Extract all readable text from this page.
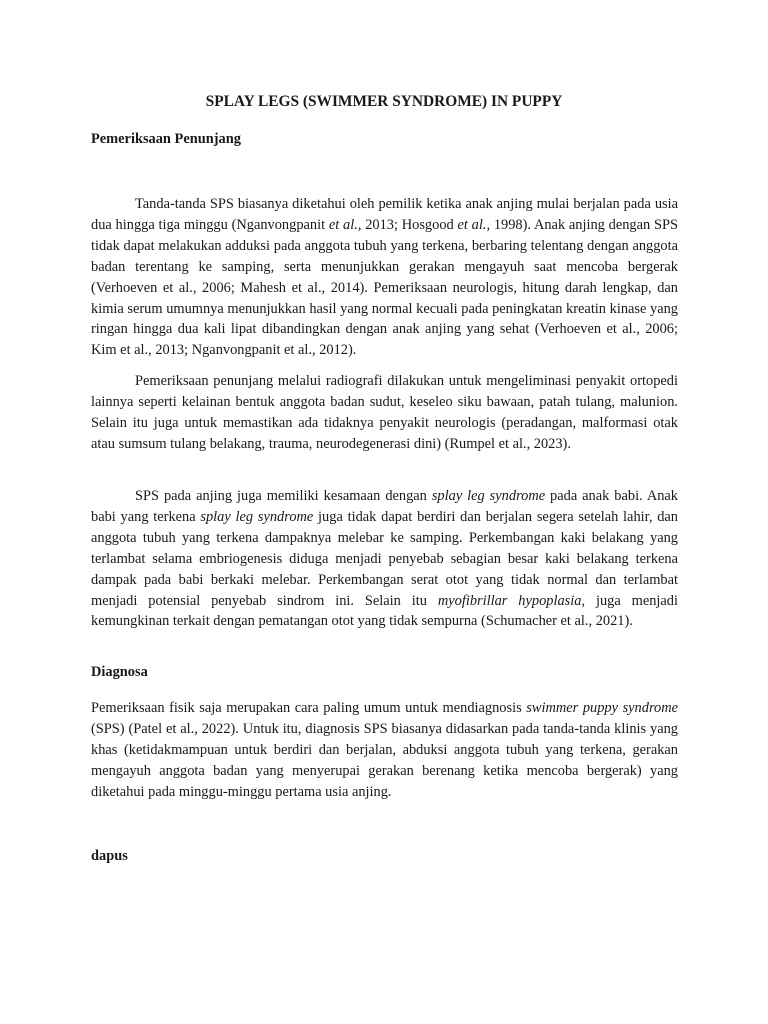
SPLAY LEGS (SWIMMER SYNDROME) IN PUPPY
Pemeriksaan Penunjang

Tanda-tanda SPS biasanya diketahui oleh pemilik ketika anak anjing mulai berjalan pada usia dua hingga tiga minggu (Nganvongpanit et al., 2013; Hosgood et al., 1998). Anak anjing dengan SPS tidak dapat melakukan adduksi pada anggota tubuh yang terkena, berbaring telentang dengan anggota badan terentang ke samping, serta menunjukkan gerakan mengayuh saat mencoba bergerak (Verhoeven et al., 2006; Mahesh et al., 2014). Pemeriksaan neurologis, hitung darah lengkap, dan kimia serum umumnya menunjukkan hasil yang normal kecuali pada peningkatan kreatin kinase yang ringan hingga dua kali lipat dibandingkan dengan anak anjing yang sehat (Verhoeven et al., 2006; Kim et al., 2013; Nganvongpanit et al., 2012).

Pemeriksaan penunjang melalui radiografi dilakukan untuk mengeliminasi penyakit ortopedi lainnya seperti kelainan bentuk anggota badan sudut, keseleo siku bawaan, patah tulang, malunion. Selain itu juga untuk memastikan ada tidaknya penyakit neurologis (peradangan, malformasi otak atau sumsum tulang belakang, trauma, neurodegenerasi dini) (Rumpel et al., 2023).

SPS pada anjing juga memiliki kesamaan dengan splay leg syndrome pada anak babi. Anak babi yang terkena splay leg syndrome juga tidak dapat berdiri dan berjalan segera setelah lahir, dan anggota tubuh yang terkena dampaknya melebar ke samping. Perkembangan kaki belakang yang terlambat selama embriogenesis diduga menjadi penyebab sebagian besar kaki belakang terkena dampak pada babi berkaki melebar. Perkembangan serat otot yang tidak normal dan terlambat menjadi potensial penyebab sindrom ini. Selain itu myofibrillar hypoplasia, juga menjadi kemungkinan terkait dengan pematangan otot yang tidak sempurna (Schumacher et al., 2021).

Diagnosa

Pemeriksaan fisik saja merupakan cara paling umum untuk mendiagnosis swimmer puppy syndrome (SPS) (Patel et al., 2022). Untuk itu, diagnosis SPS biasanya didasarkan pada tanda-tanda klinis yang khas (ketidakmampuan untuk berdiri dan berjalan, abduksi anggota tubuh yang terkena, gerakan mengayuh anggota badan yang menyerupai gerakan berenang ketika mencoba bergerak) yang diketahui pada minggu-minggu pertama usia anjing.

dapus
